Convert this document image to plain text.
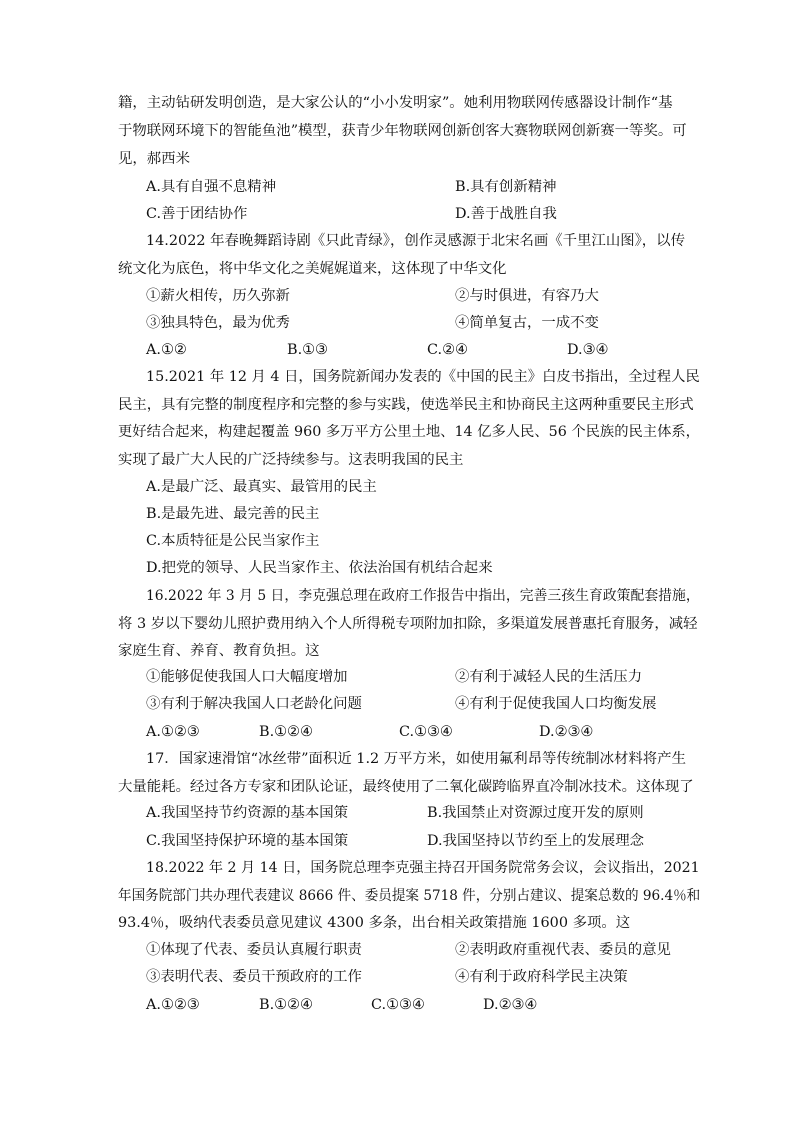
籍，主动钻研发明创造，是大家公认的“小小发明家”。她利用物联网传感器设计制作“基
于物联网环境下的智能鱼池”模型，获青少年物联网创新创客大赛物联网创新赛一等奖。可
见，郝西米
A.具有自强不息精神	B.具有创新精神
C.善于团结协作	D.善于战胜自我
14.2022 年春晚舞蹈诗剧《只此青绿》，创作灵感源于北宋名画《千里江山图》，以传
统文化为底色，将中华文化之美娓娓道来，这体现了中华文化
①薪火相传，历久弥新	②与时俱进，有容乃大
③独具特色，最为优秀	④简单复古，一成不变
A.①②	B.①③	C.②④	D.③④
15.2021 年 12 月 4 日，国务院新闻办发表的《中国的民主》白皮书指出，全过程人民
民主，具有完整的制度程序和完整的参与实践，使选举民主和协商民主这两种重要民主形式
更好结合起来，构建起覆盖 960 多万平方公里土地、14 亿多人民、56 个民族的民主体系，
实现了最广大人民的广泛持续参与。这表明我国的民主
A.是最广泛、最真实、最管用的民主
B.是最先进、最完善的民主
C.本质特征是公民当家作主
D.把党的领导、人民当家作主、依法治国有机结合起来
16.2022 年 3 月 5 日，李克强总理在政府工作报告中指出，完善三孩生育政策配套措施，
将 3 岁以下婴幼儿照护费用纳入个人所得税专项附加扣除，多渠道发展普惠托育服务，减轻
家庭生育、养育、教育负担。这
①能够促使我国人口大幅度增加	②有利于减轻人民的生活压力
③有利于解决我国人口老龄化问题	④有利于促使我国人口均衡发展
A.①②③	B.①②④	C.①③④	D.②③④
17．国家速滑馆“冰丝带”面积近 1.2 万平方米，如使用氟利昂等传统制冰材料将产生
大量能耗。经过各方专家和团队论证，最终使用了二氧化碳跨临界直冷制冰技术。这体现了
A.我国坚持节约资源的基本国策	B.我国禁止对资源过度开发的原则
C.我国坚持保护环境的基本国策	D.我国坚持以节约至上的发展理念
18.2022 年 2 月 14 日，国务院总理李克强主持召开国务院常务会议，会议指出，2021
年国务院部门共办理代表建议 8666 件、委员提案 5718 件，分别占建议、提案总数的 96.4％和
93.4％，吸纳代表委员意见建议 4300 多条，出台相关政策措施 1600 多项。这
①体现了代表、委员认真履行职责	②表明政府重视代表、委员的意见
③表明代表、委员干预政府的工作	④有利于政府科学民主决策
A.①②③	B.①②④	C.①③④	D.②③④
